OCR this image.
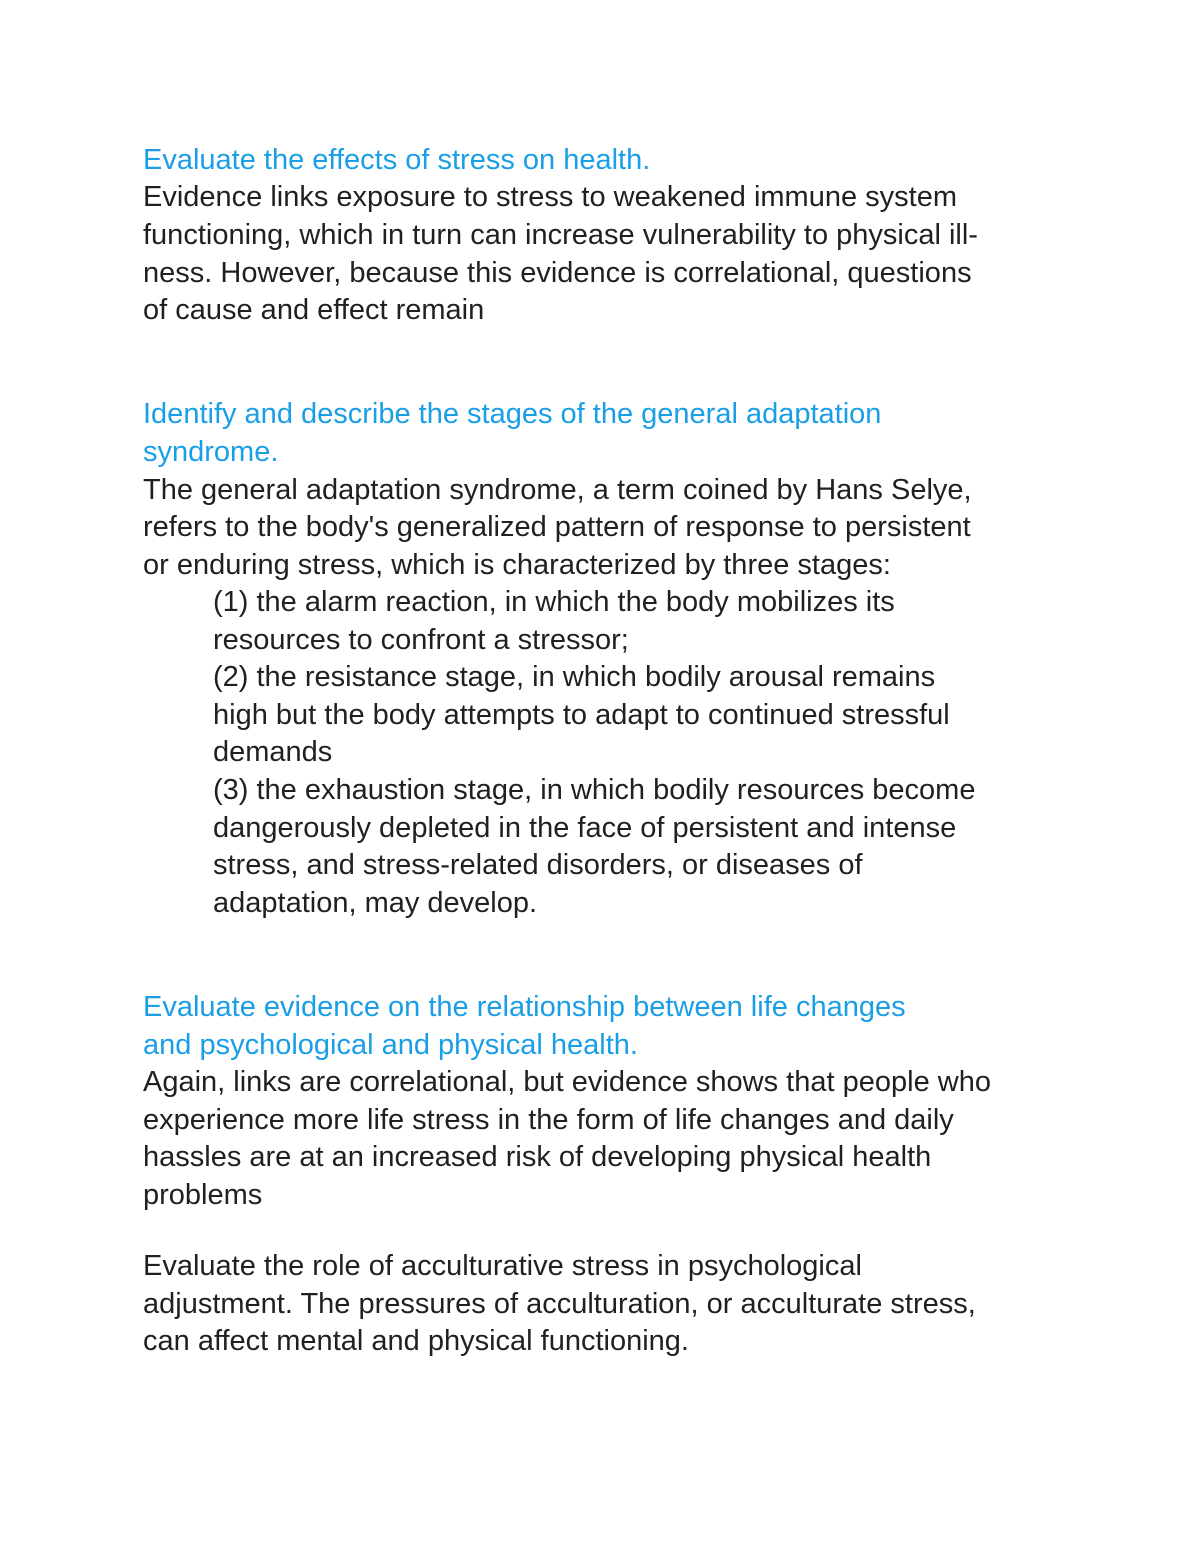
Evaluate the effects of stress on health.

Evidence links exposure to stress to weakened immune system

functioning, which in turn can increase vulnerability to physical ill-

ness. However, because this evidence is correlational, questions

of cause and effect remain

Identify and describe the stages of the general adaptation

syndrome.

The general adaptation syndrome, a term coined by Hans Selye,

refers to the body's generalized pattern of response to persistent

or enduring stress, which is characterized by three stages:

(1) the alarm reaction, in which the body mobilizes its

resources to confront a stressor;

(2) the resistance stage, in which bodily arousal remains

high but the body attempts to adapt to continued stressful

demands

(3) the exhaustion stage, in which bodily resources become

dangerously depleted in the face of persistent and intense

stress, and stress-related disorders, or diseases of

adaptation, may develop.

Evaluate evidence on the relationship between life changes

and psychological and physical health.

Again, links are correlational, but evidence shows that people who

experience more life stress in the form of life changes and daily

hassles are at an increased risk of developing physical health

problems

Evaluate the role of acculturative stress in psychological

adjustment. The pressures of acculturation, or acculturate stress,

can affect mental and physical functioning.
